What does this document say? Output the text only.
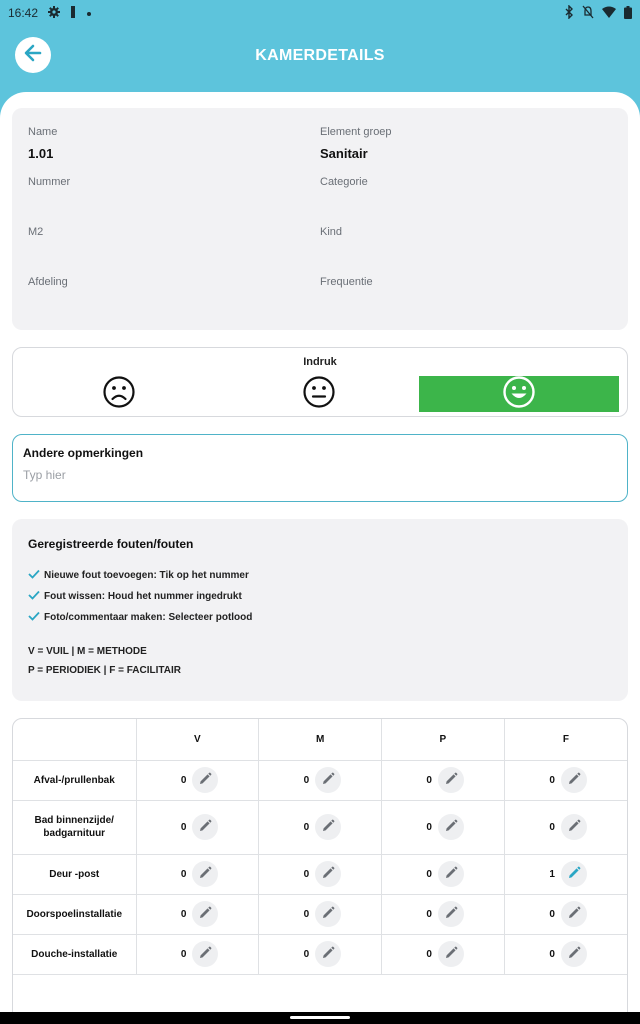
16:42
KAMERDETAILS
Name
1.01
Element groep
Sanitair
Nummer	Categorie
M2	Kind
Afdeling	Frequentie
Indruk
Andere opmerkingen
Typ hier
Geregistreerde fouten/fouten
Nieuwe fout toevoegen: Tik op het nummer
Fout wissen: Houd het nummer ingedrukt
Foto/commentaar maken: Selecteer potlood
V = VUIL | M = METHODE
P = PERIODIEK | F = FACILITAIR
	V	M	P	F
Afval-/prullenbak	0	0	0	0

Bad binnenzijde/ badgarnituur	0	0	0	0

Deur -post	0	0	0	1

Doorspoelinstallatie	0	0	0	0

Douche-installatie	0	0	0	0
